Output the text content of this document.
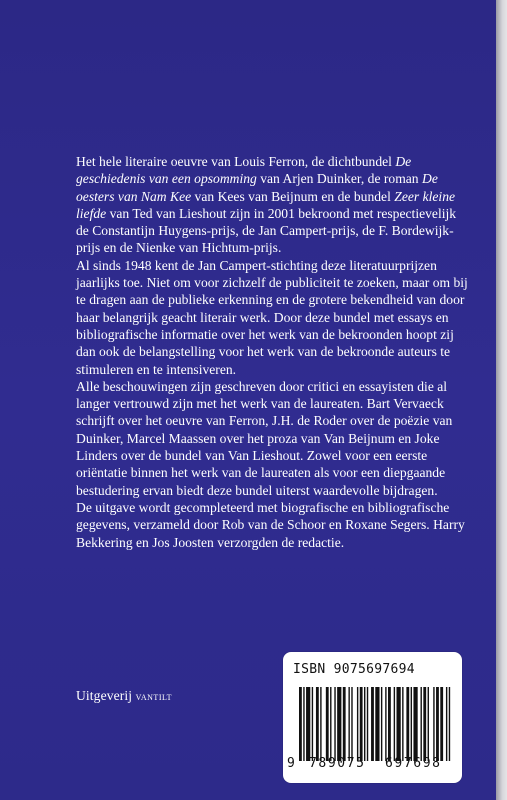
Het hele literaire oeuvre van Louis Ferron, de dichtbundel De geschiedenis van een opsomming van Arjen Duinker, de roman De oesters van Nam Kee van Kees van Beijnum en de bundel Zeer kleine liefde van Ted van Lieshout zijn in 2001 bekroond met respectievelijk de Constantijn Huygens-prijs, de Jan Campert-prijs, de F. Bordewijk-prijs en de Nienke van Hichtum-prijs.

Al sinds 1948 kent de Jan Campert-stichting deze literatuurprijzen jaarlijks toe. Niet om voor zichzelf de publiciteit te zoeken, maar om bij te dragen aan de publieke erkenning en de grotere bekendheid van door haar belangrijk geacht literair werk. Door deze bundel met essays en bibliografische informatie over het werk van de bekroonden hoopt zij dan ook de belangstelling voor het werk van de bekroonde auteurs te stimuleren en te intensiveren.

Alle beschouwingen zijn geschreven door critici en essayisten die al langer vertrouwd zijn met het werk van de laureaten. Bart Vervaeck schrijft over het oeuvre van Ferron, J.H. de Roder over de poëzie van Duinker, Marcel Maassen over het proza van Van Beijnum en Joke Linders over de bundel van Van Lieshout. Zowel voor een eerste oriëntatie binnen het werk van de laureaten als voor een diepgaande bestudering ervan biedt deze bundel uiterst waardevolle bijdragen.

De uitgave wordt gecompleteerd met biografische en bibliografische gegevens, verzameld door Rob van de Schoor en Roxane Segers. Harry Bekkering en Jos Joosten verzorgden de redactie.

Uitgeverij vantilt
ISBN 9075697694
9 789075 697698
